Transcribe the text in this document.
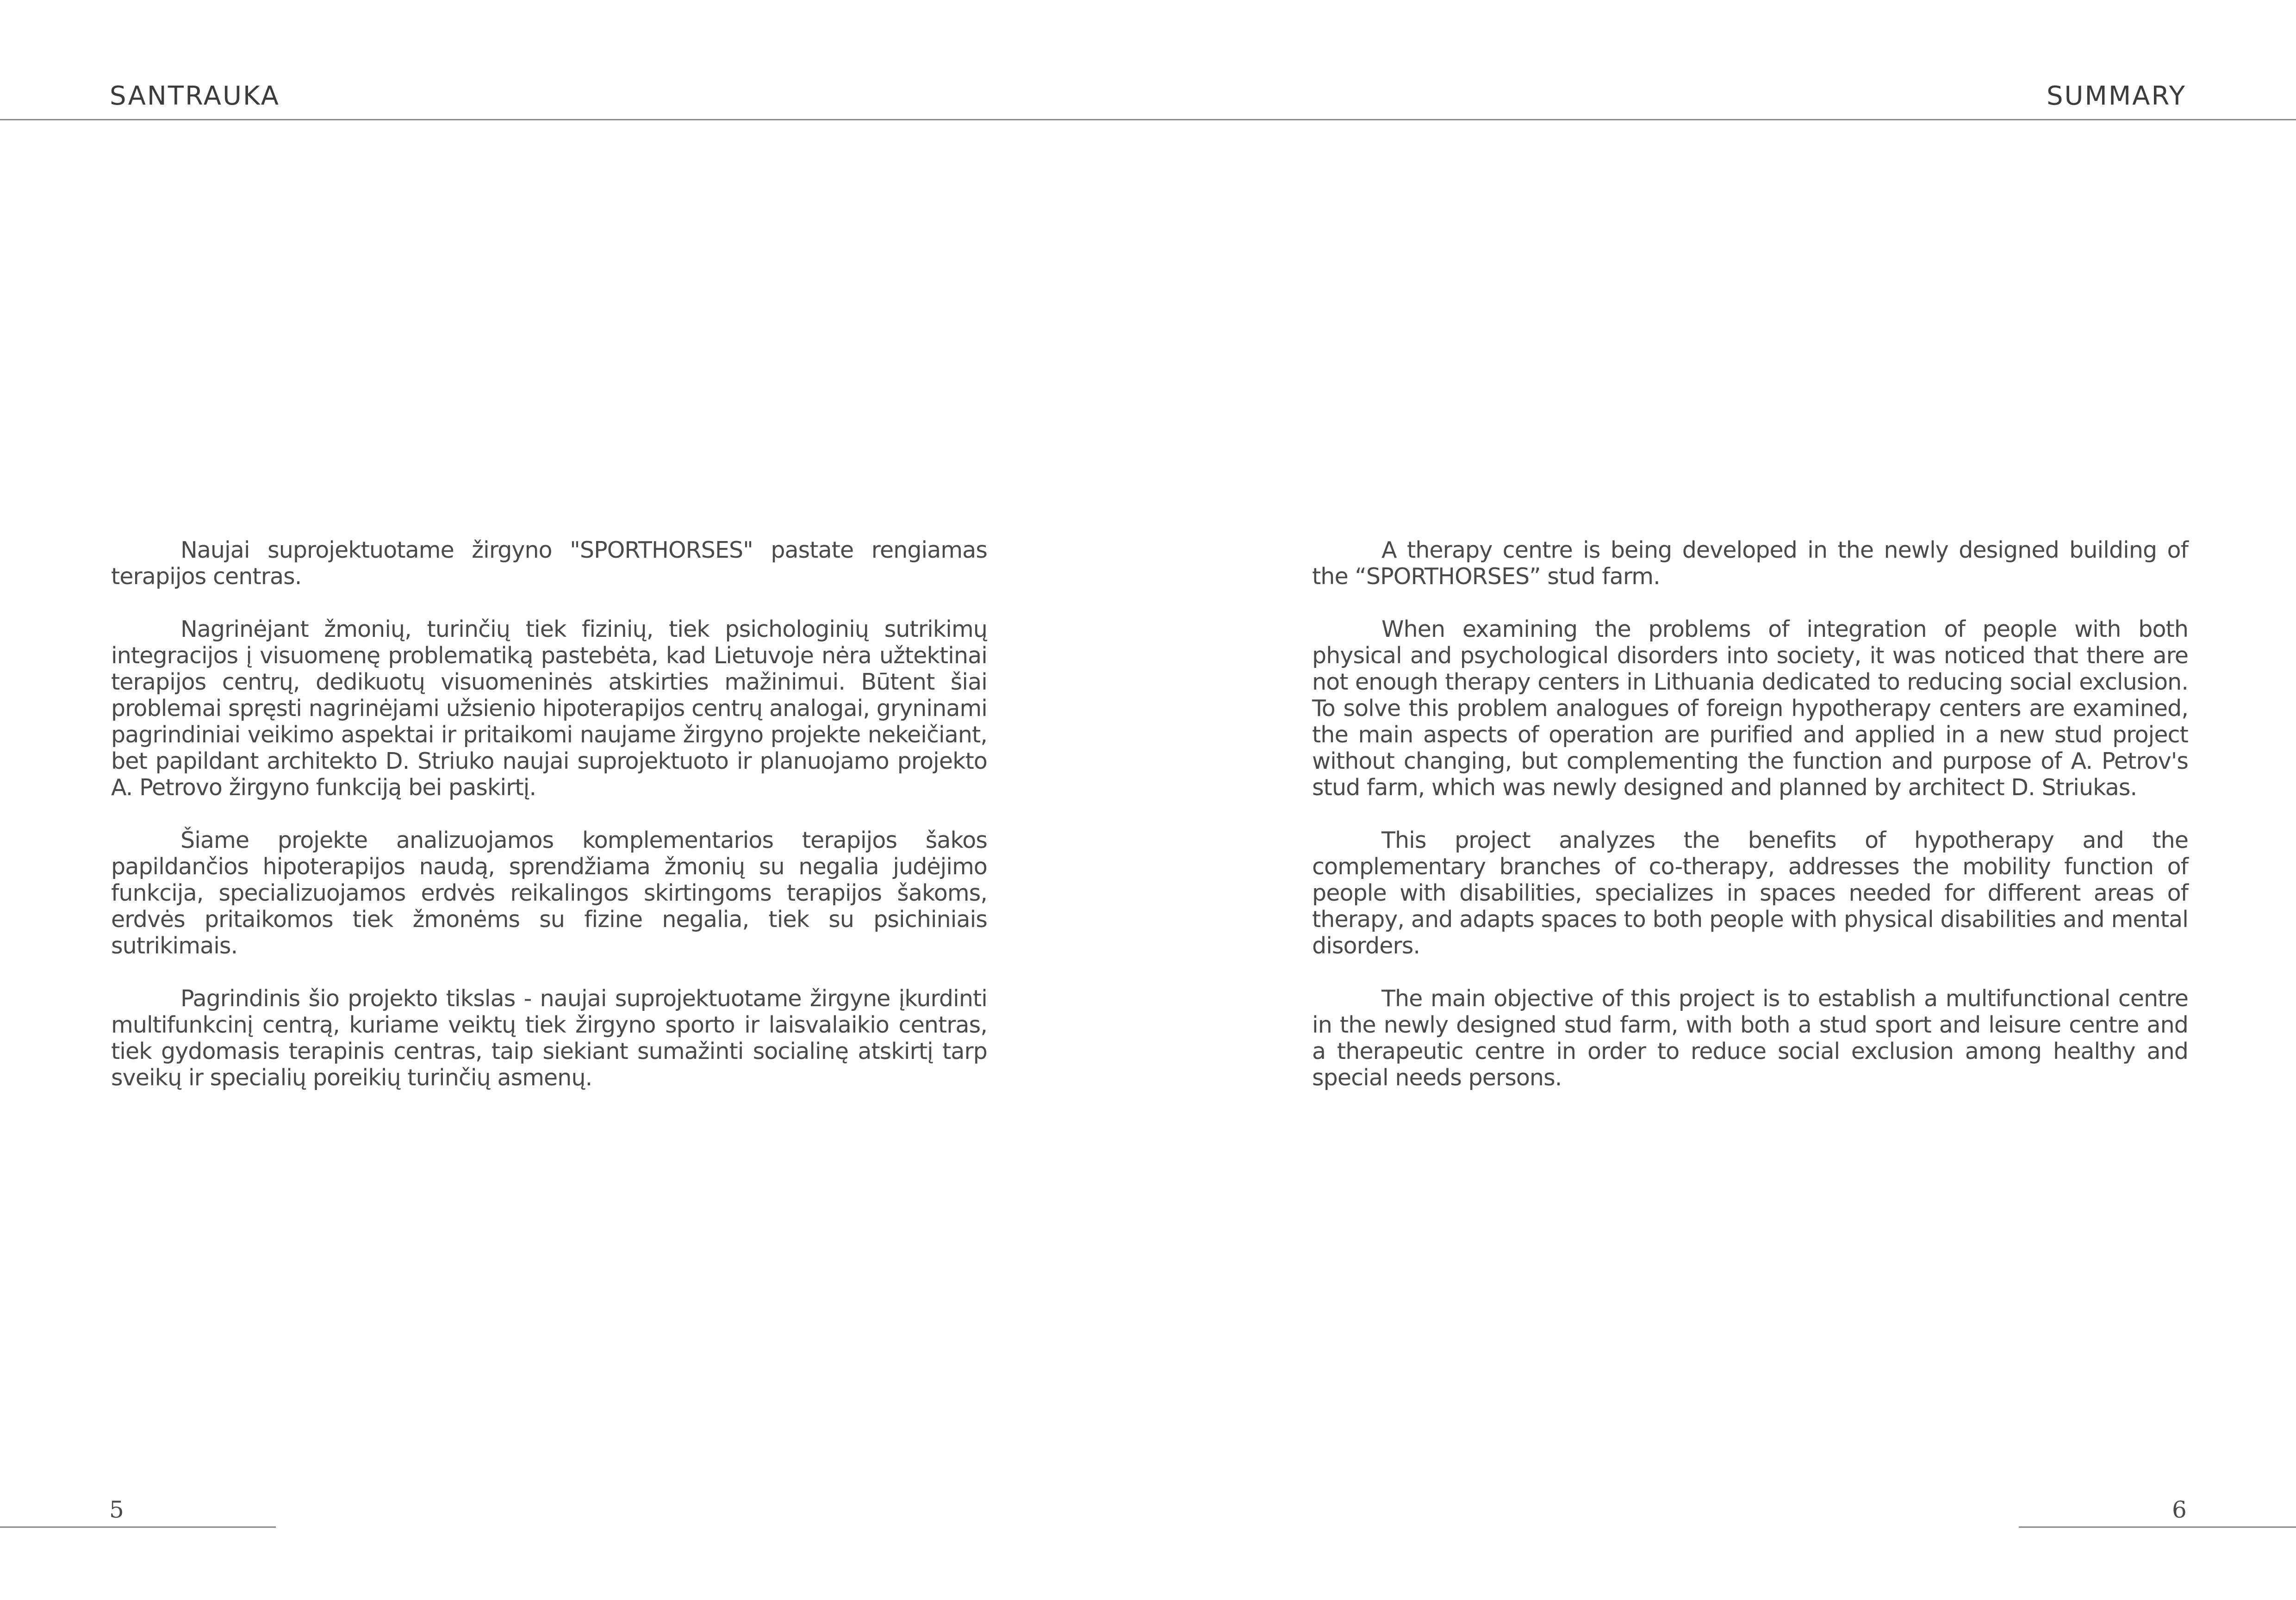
SANTRAUKA

Naujai suprojektuotame žirgyno "SPORTHORSES" pastate rengiamas terapijos centras.

Nagrinėjant žmonių, turinčių tiek fizinių, tiek psichologinių sutrikimų integracijos į visuomenę problematiką pastebėta, kad Lietuvoje nėra užtektinai terapijos centrų, dedikuotų visuomeninės atskirties mažinimui. Būtent šiai problemai spręsti nagrinėjami užsienio hipoterapijos centrų analogai, gryninami pagrindiniai veikimo aspektai ir pritaikomi naujame žirgyno projekte nekeičiant, bet papildant architekto D. Striuko naujai suprojektuoto ir planuojamo projekto A. Petrovo žirgyno funkciją bei paskirtį.

Šiame projekte analizuojamos komplementarios terapijos šakos papildančios hipoterapijos naudą, sprendžiama žmonių su negalia judėjimo funkcija, specializuojamos erdvės reikalingos skirtingoms terapijos šakoms, erdvės pritaikomos tiek žmonėms su fizine negalia, tiek su psichiniais sutrikimais.

Pagrindinis šio projekto tikslas - naujai suprojektuotame žirgyne įkurdinti multifunkcinį centrą, kuriame veiktų tiek žirgyno sporto ir laisvalaikio centras, tiek gydomasis terapinis centras, taip siekiant sumažinti socialinę atskirtį tarp sveikų ir specialių poreikių turinčių asmenų.

5
SUMMARY

A therapy centre is being developed in the newly designed building of the “SPORTHORSES” stud farm.

When examining the problems of integration of people with both physical and psychological disorders into society, it was noticed that there are not enough therapy centers in Lithuania dedicated to reducing social exclusion. To solve this problem analogues of foreign hypotherapy centers are examined, the main aspects of operation are purified and applied in a new stud project without changing, but complementing the function and purpose of A. Petrov's stud farm, which was newly designed and planned by architect D. Striukas.

This project analyzes the benefits of hypotherapy and the complementary branches of co-therapy, addresses the mobility function of people with disabilities, specializes in spaces needed for different areas of therapy, and adapts spaces to both people with physical disabilities and mental disorders.

The main objective of this project is to establish a multifunctional centre in the newly designed stud farm, with both a stud sport and leisure centre and a therapeutic centre in order to reduce social exclusion among healthy and special needs persons.

6
